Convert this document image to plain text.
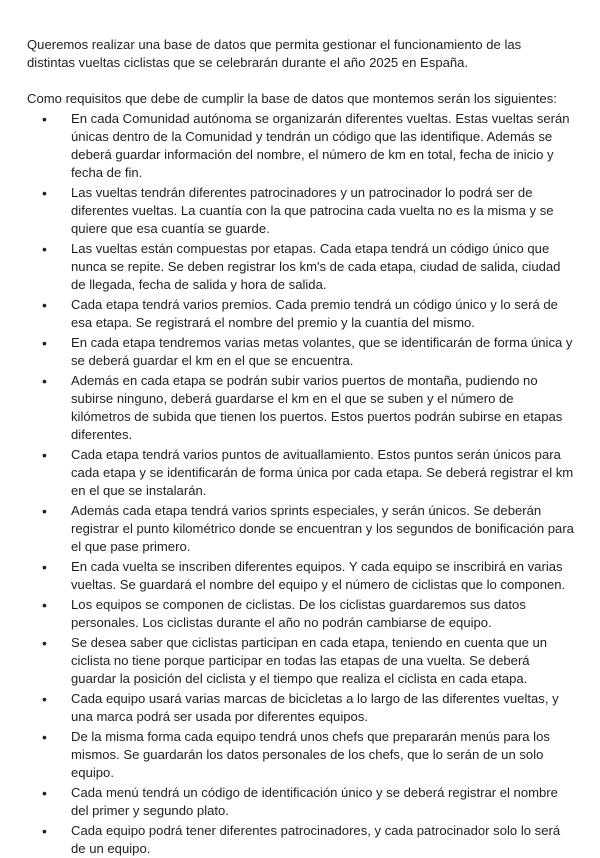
Queremos realizar una base de datos que permita gestionar el funcionamiento de las
distintas vueltas ciclistas que se celebrarán durante el año 2025 en España.

Como requisitos que debe de cumplir la base de datos que montemos serán los siguientes:

• En cada Comunidad autónoma se organizarán diferentes vueltas. Estas vueltas serán únicas dentro de la Comunidad y tendrán un código que las identifique. Además se deberá guardar información del nombre, el número de km en total, fecha de inicio y fecha de fin.
• Las vueltas tendrán diferentes patrocinadores y un patrocinador lo podrá ser de diferentes vueltas. La cuantía con la que patrocina cada vuelta no es la misma y se quiere que esa cuantía se guarde.
• Las vueltas están compuestas por etapas. Cada etapa tendrá un código único que nunca se repite. Se deben registrar los km's de cada etapa, ciudad de salida, ciudad de llegada, fecha de salida y hora de salida.
• Cada etapa tendrá varios premios. Cada premio tendrá un código único y lo será de esa etapa. Se registrará el nombre del premio y la cuantía del mismo.
• En cada etapa tendremos varias metas volantes, que se identificarán de forma única y se deberá guardar el km en el que se encuentra.
• Además en cada etapa se podrán subir varios puertos de montaña, pudiendo no subirse ninguno, deberá guardarse el km en el que se suben y el número de kilómetros de subida que tienen los puertos. Estos puertos podrán subirse en etapas diferentes.
• Cada etapa tendrá varios puntos de avituallamiento. Estos puntos serán únicos para cada etapa y se identificarán de forma única por cada etapa. Se deberá registrar el km en el que se instalarán.
• Además cada etapa tendrá varios sprints especiales, y serán únicos. Se deberán registrar el punto kilométrico donde se encuentran y los segundos de bonificación para el que pase primero.
• En cada vuelta se inscriben diferentes equipos. Y cada equipo se inscribirá en varias vueltas. Se guardará el nombre del equipo y el número de ciclistas que lo componen.
• Los equipos se componen de ciclistas. De los ciclistas guardaremos sus datos personales. Los ciclistas durante el año no podrán cambiarse de equipo.
• Se desea saber que ciclistas participan en cada etapa, teniendo en cuenta que un ciclista no tiene porque participar en todas las etapas de una vuelta. Se deberá guardar la posición del ciclista y el tiempo que realiza el ciclista en cada etapa.
• Cada equipo usará varias marcas de bicicletas a lo largo de las diferentes vueltas, y una marca podrá ser usada por diferentes equipos.
• De la misma forma cada equipo tendrá unos chefs que prepararán menús para los mismos. Se guardarán los datos personales de los chefs, que lo serán de un solo equipo.
• Cada menú tendrá un código de identificación único y se deberá registrar el nombre del primer y segundo plato.
• Cada equipo podrá tener diferentes patrocinadores, y cada patrocinador solo lo será de un equipo.
